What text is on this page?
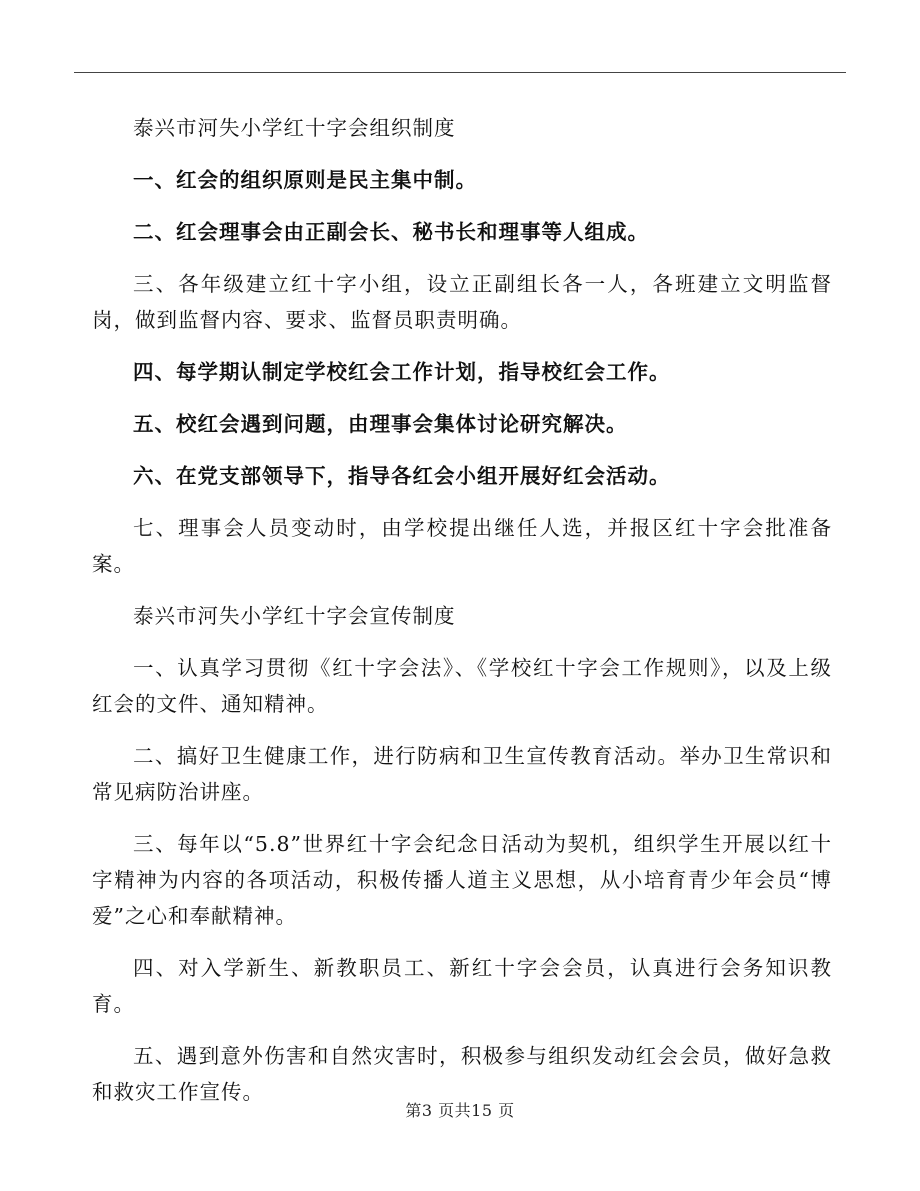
泰兴市河失小学红十字会组织制度

一、红会的组织原则是民主集中制。

二、红会理事会由正副会长、秘书长和理事等人组成。

三、各年级建立红十字小组，设立正副组长各一人，各班建立文明监督岗，做到监督内容、要求、监督员职责明确。

四、每学期认制定学校红会工作计划，指导校红会工作。

五、校红会遇到问题，由理事会集体讨论研究解决。

六、在党支部领导下，指导各红会小组开展好红会活动。

七、理事会人员变动时，由学校提出继任人选，并报区红十字会批准备案。

泰兴市河失小学红十字会宣传制度

一、认真学习贯彻《红十字会法》、《学校红十字会工作规则》，以及上级红会的文件、通知精神。

二、搞好卫生健康工作，进行防病和卫生宣传教育活动。举办卫生常识和常见病防治讲座。

三、每年以“5.8”世界红十字会纪念日活动为契机，组织学生开展以红十字精神为内容的各项活动，积极传播人道主义思想，从小培育青少年会员“博爱”之心和奉献精神。

四、对入学新生、新教职员工、新红十字会会员，认真进行会务知识教育。

五、遇到意外伤害和自然灾害时，积极参与组织发动红会会员，做好急救和救灾工作宣传。

第3 页共15 页
